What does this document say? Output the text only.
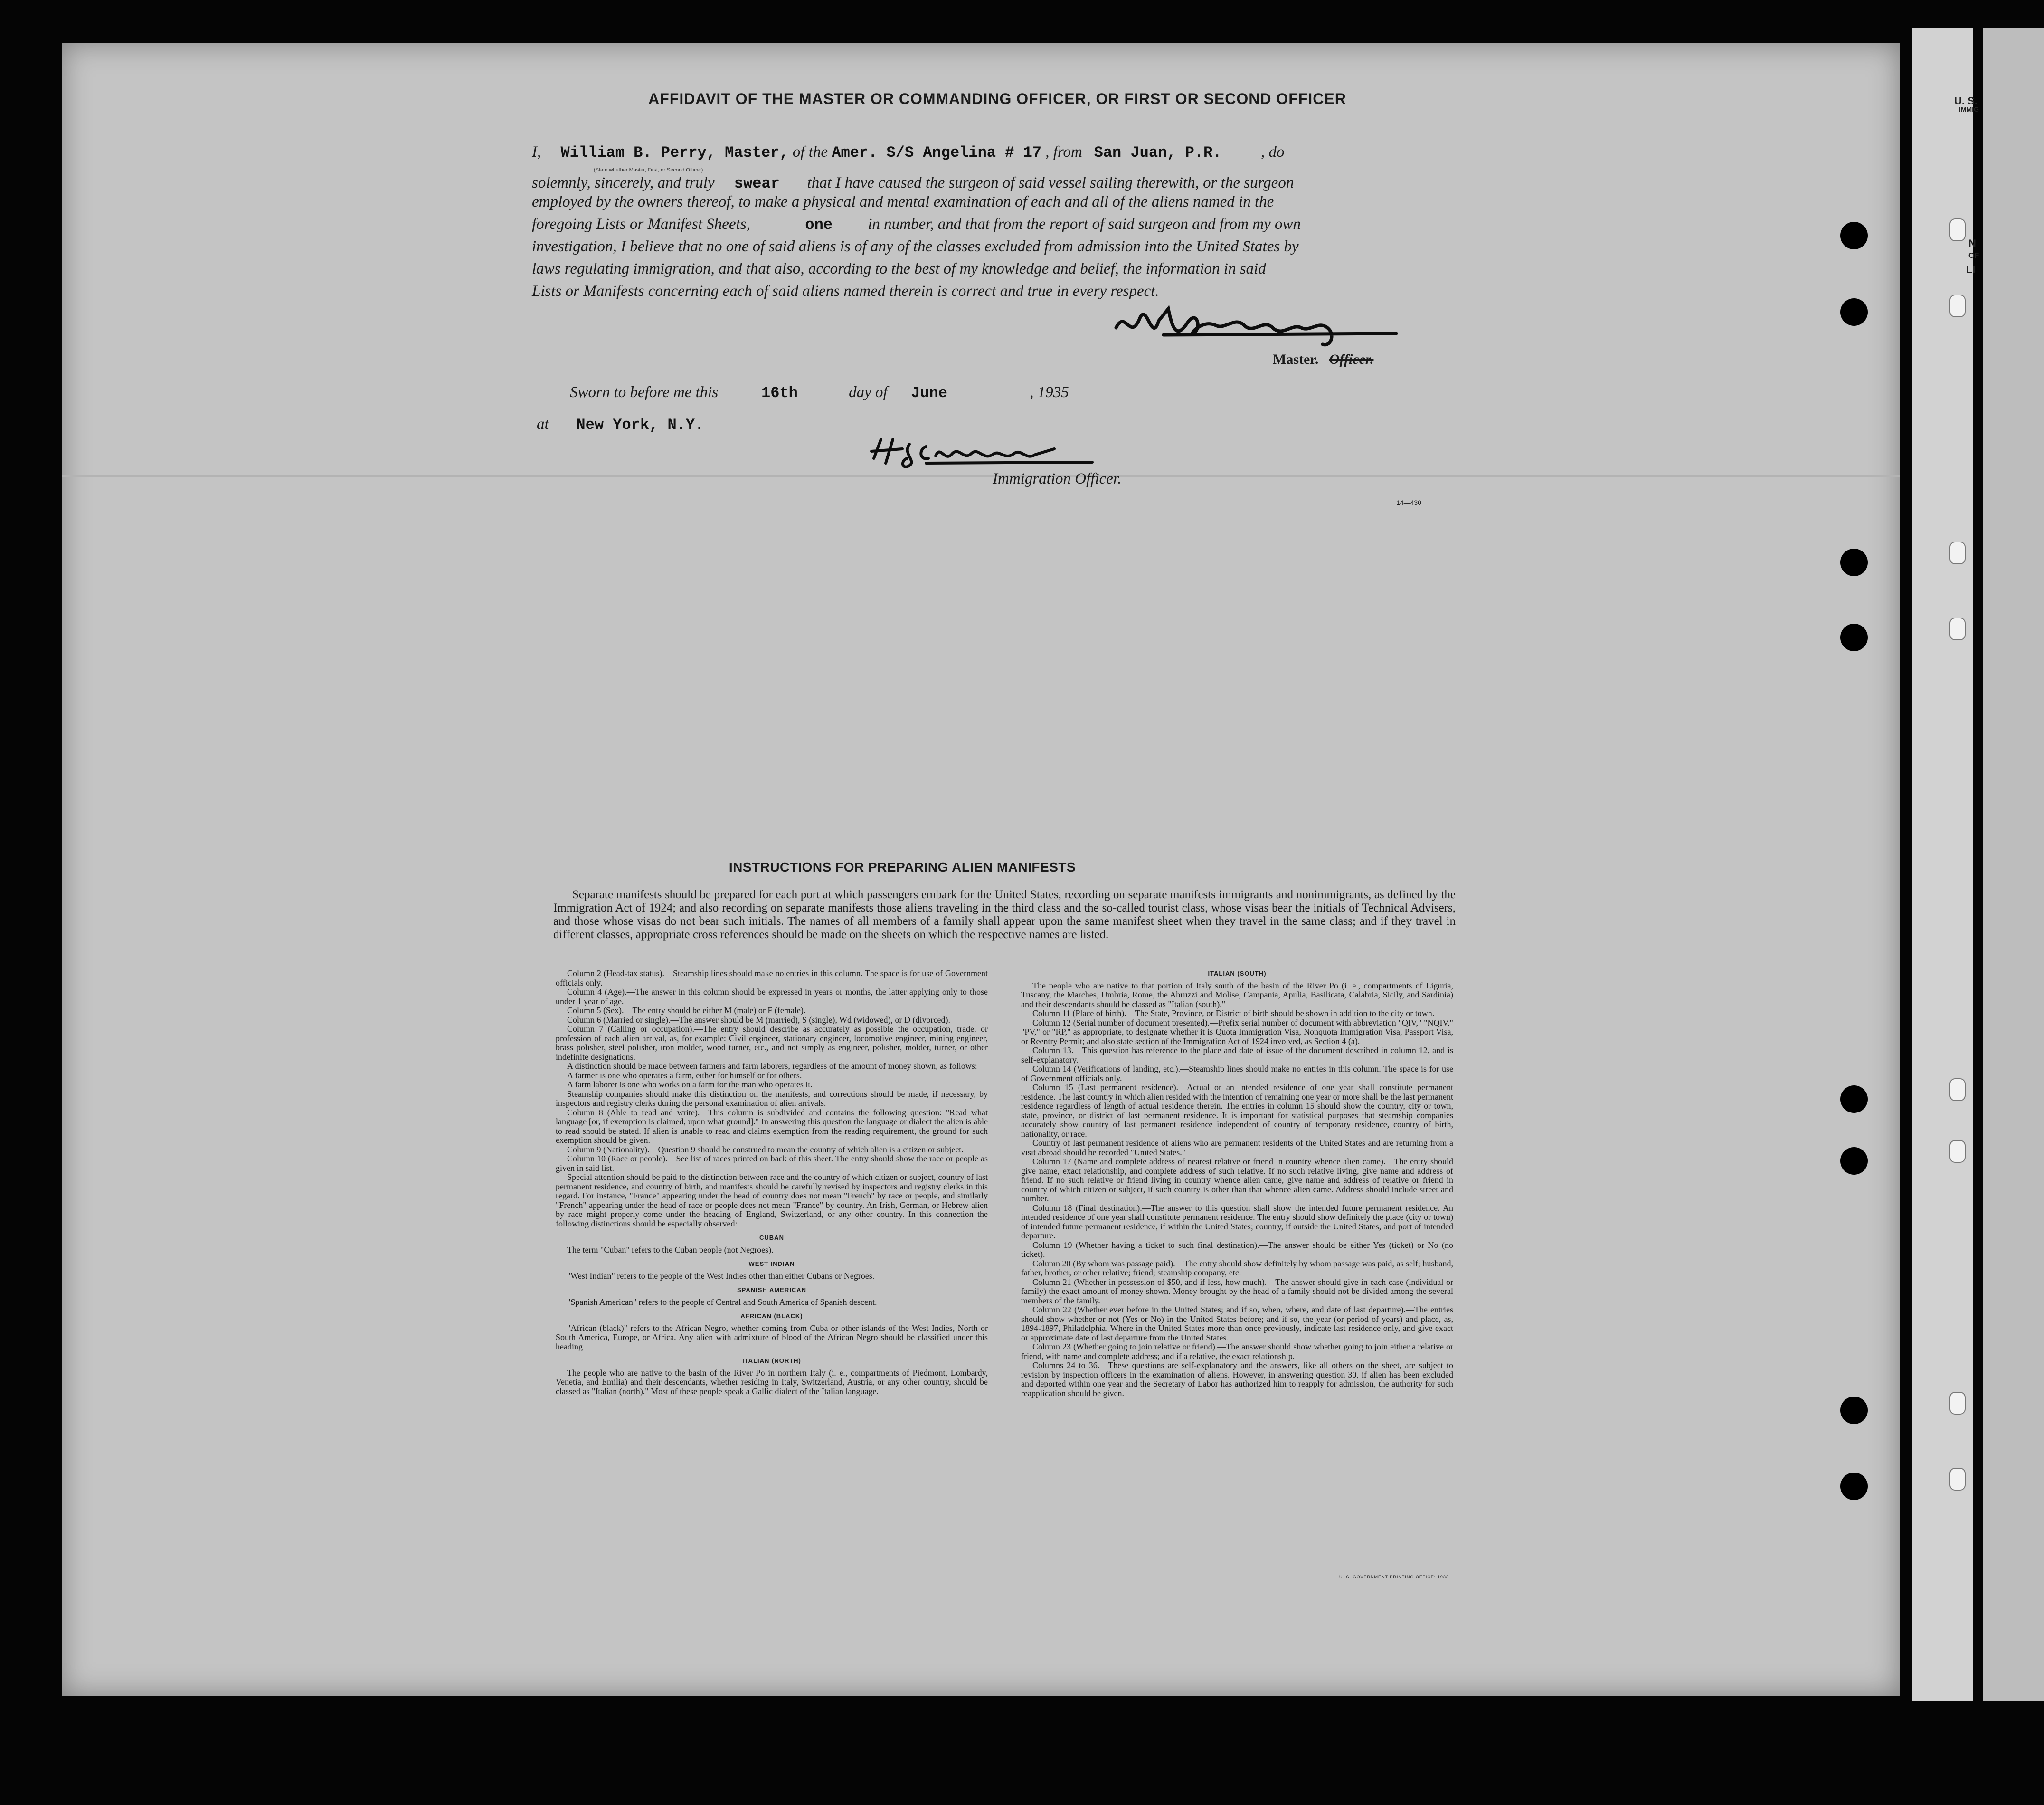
U. S.
IMMIG
N
OF
LI
AFFIDAVIT OF THE MASTER OR COMMANDING OFFICER, OR FIRST OR SECOND OFFICER
I, William B. Perry, Master, of the Amer. S/S Angelina # 17 , from San Juan, P.R.	, do
(State whether Master, First, or Second Officer)
solemnly, sincerely, and truly swear that I have caused the surgeon of said vessel sailing therewith, or the surgeon
employed by the owners thereof, to make a physical and mental examination of each and all of the aliens named in the
foregoing Lists or Manifest Sheets,	one in number, and that from the report of said surgeon and from my own
investigation, I believe that no one of said aliens is of any of the classes excluded from admission into the United States by
laws regulating immigration, and that also, according to the best of my knowledge and belief, the information in said
Lists or Manifests concerning each of said aliens named therein is correct and true in every respect.
Master. Officer.
Sworn to before me this	16th	day of June	, 1935
at New York, N.Y.
Immigration Officer.
14—430
INSTRUCTIONS FOR PREPARING ALIEN MANIFESTS
Separate manifests should be prepared for each port at which passengers embark for the United States, recording on separate manifests immigrants and nonimmigrants, as defined by the Immigration Act of 1924; and also recording on separate manifests those aliens traveling in the third class and the so-called tourist class, whose visas bear the initials of Technical Advisers, and those whose visas do not bear such initials. The names of all members of a family shall appear upon the same manifest sheet when they travel in the same class; and if they travel in different classes, appropriate cross references should be made on the sheets on which the respective names are listed.

Column 2 (Head-tax status).—Steamship lines should make no entries in this column. The space is for use of Government officials only.

Column 4 (Age).—The answer in this column should be expressed in years or months, the latter applying only to those under 1 year of age.

Column 5 (Sex).—The entry should be either M (male) or F (female).

Column 6 (Married or single).—The answer should be M (married), S (single), Wd (widowed), or D (divorced).

Column 7 (Calling or occupation).—The entry should describe as accurately as possible the occupation, trade, or profession of each alien arrival, as, for example: Civil engineer, stationary engineer, locomotive engineer, mining engineer, brass polisher, steel polisher, iron molder, wood turner, etc., and not simply as engineer, polisher, molder, turner, or other indefinite designations.

A distinction should be made between farmers and farm laborers, regardless of the amount of money shown, as follows:

A farmer is one who operates a farm, either for himself or for others.

A farm laborer is one who works on a farm for the man who operates it.

Steamship companies should make this distinction on the manifests, and corrections should be made, if necessary, by inspectors and registry clerks during the personal examination of alien arrivals.

Column 8 (Able to read and write).—This column is subdivided and contains the following question: "Read what language [or, if exemption is claimed, upon what ground]." In answering this question the language or dialect the alien is able to read should be stated. If alien is unable to read and claims exemption from the reading requirement, the ground for such exemption should be given.

Column 9 (Nationality).—Question 9 should be construed to mean the country of which alien is a citizen or subject.

Column 10 (Race or people).—See list of races printed on back of this sheet. The entry should show the race or people as given in said list.

Special attention should be paid to the distinction between race and the country of which citizen or subject, country of last permanent residence, and country of birth, and manifests should be carefully revised by inspectors and registry clerks in this regard. For instance, "France" appearing under the head of country does not mean "French" by race or people, and similarly "French" appearing under the head of race or people does not mean "France" by country. An Irish, German, or Hebrew alien by race might properly come under the heading of England, Switzerland, or any other country. In this connection the following distinctions should be especially observed:

CUBAN

The term "Cuban" refers to the Cuban people (not Negroes).

WEST INDIAN

"West Indian" refers to the people of the West Indies other than either Cubans or Negroes.

SPANISH AMERICAN

"Spanish American" refers to the people of Central and South America of Spanish descent.

AFRICAN (BLACK)

"African (black)" refers to the African Negro, whether coming from Cuba or other islands of the West Indies, North or South America, Europe, or Africa. Any alien with admixture of blood of the African Negro should be classified under this heading.

ITALIAN (NORTH)

The people who are native to the basin of the River Po in northern Italy (i. e., compartments of Piedmont, Lombardy, Venetia, and Emilia) and their descendants, whether residing in Italy, Switzerland, Austria, or any other country, should be classed as "Italian (north)." Most of these people speak a Gallic dialect of the Italian language.

ITALIAN (SOUTH)

The people who are native to that portion of Italy south of the basin of the River Po (i. e., compartments of Liguria, Tuscany, the Marches, Umbria, Rome, the Abruzzi and Molise, Campania, Apulia, Basilicata, Calabria, Sicily, and Sardinia) and their descendants should be classed as "Italian (south)."

Column 11 (Place of birth).—The State, Province, or District of birth should be shown in addition to the city or town.

Column 12 (Serial number of document presented).—Prefix serial number of document with abbreviation "QIV," "NQIV," "PV," or "RP," as appropriate, to designate whether it is Quota Immigration Visa, Nonquota Immigration Visa, Passport Visa, or Reentry Permit; and also state section of the Immigration Act of 1924 involved, as Section 4 (a).

Column 13.—This question has reference to the place and date of issue of the document described in column 12, and is self-explanatory.

Column 14 (Verifications of landing, etc.).—Steamship lines should make no entries in this column. The space is for use of Government officials only.

Column 15 (Last permanent residence).—Actual or an intended residence of one year shall constitute permanent residence. The last country in which alien resided with the intention of remaining one year or more shall be the last permanent residence regardless of length of actual residence therein. The entries in column 15 should show the country, city or town, state, province, or district of last permanent residence. It is important for statistical purposes that steamship companies accurately show country of last permanent residence independent of country of temporary residence, country of birth, nationality, or race.

Country of last permanent residence of aliens who are permanent residents of the United States and are returning from a visit abroad should be recorded "United States."

Column 17 (Name and complete address of nearest relative or friend in country whence alien came).—The entry should give name, exact relationship, and complete address of such relative. If no such relative living, give name and address of friend. If no such relative or friend living in country whence alien came, give name and address of relative or friend in country of which citizen or subject, if such country is other than that whence alien came. Address should include street and number.

Column 18 (Final destination).—The answer to this question shall show the intended future permanent residence. An intended residence of one year shall constitute permanent residence. The entry should show definitely the place (city or town) of intended future permanent residence, if within the United States; country, if outside the United States, and port of intended departure.

Column 19 (Whether having a ticket to such final destination).—The answer should be either Yes (ticket) or No (no ticket).

Column 20 (By whom was passage paid).—The entry should show definitely by whom passage was paid, as self; husband, father, brother, or other relative; friend; steamship company, etc.

Column 21 (Whether in possession of $50, and if less, how much).—The answer should give in each case (individual or family) the exact amount of money shown. Money brought by the head of a family should not be divided among the several members of the family.

Column 22 (Whether ever before in the United States; and if so, when, where, and date of last departure).—The entries should show whether or not (Yes or No) in the United States before; and if so, the year (or period of years) and place, as, 1894-1897, Philadelphia. Where in the United States more than once previously, indicate last residence only, and give exact or approximate date of last departure from the United States.

Column 23 (Whether going to join relative or friend).—The answer should show whether going to join either a relative or friend, with name and complete address; and if a relative, the exact relationship.

Columns 24 to 36.—These questions are self-explanatory and the answers, like all others on the sheet, are subject to revision by inspection officers in the examination of aliens. However, in answering question 30, if alien has been excluded and deported within one year and the Secretary of Labor has authorized him to reapply for admission, the authority for such reapplication should be given.

U. S. GOVERNMENT PRINTING OFFICE: 1933
